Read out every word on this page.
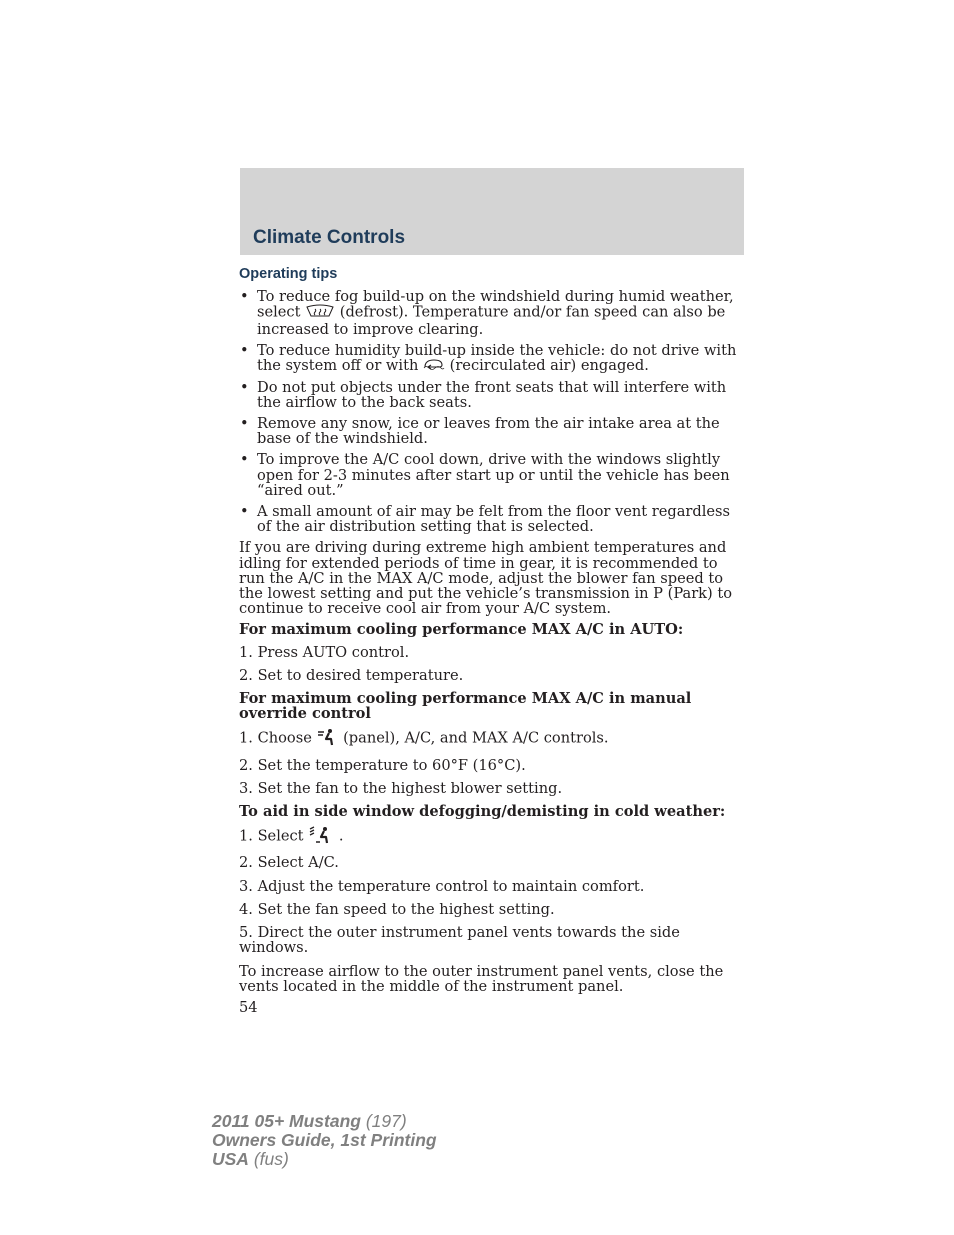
Climate Controls
Operating tips
• To reduce fog build-up on the windshield during humid weather, select	(defrost). Temperature and/or fan speed can also be increased to improve clearing.
• To reduce humidity build-up inside the vehicle: do not drive with the system off or with (recirculated air) engaged.
• Do not put objects under the front seats that will interfere with the airflow to the back seats.
• Remove any snow, ice or leaves from the air intake area at the base of the windshield.
• To improve the A/C cool down, drive with the windows slightly open for 2-3 minutes after start up or until the vehicle has been “aired out.”
• A small amount of air may be felt from the floor vent regardless of the air distribution setting that is selected.

If you are driving during extreme high ambient temperatures and idling for extended periods of time in gear, it is recommended to run the A/C in the MAX A/C mode, adjust the blower fan speed to the lowest setting and put the vehicle’s transmission in P (Park) to continue to receive cool air from your A/C system.

For maximum cooling performance MAX A/C in AUTO:

1. Press AUTO control.

2. Set to desired temperature.

For maximum cooling performance MAX A/C in manual override control

1. Choose (panel), A/C, and MAX A/C controls.

2. Set the temperature to 60°F (16°C).

3. Set the fan to the highest blower setting.

To aid in side window defogging/demisting in cold weather:

1. Select .

2. Select A/C.

3. Adjust the temperature control to maintain comfort.

4. Set the fan speed to the highest setting.

5. Direct the outer instrument panel vents towards the side windows.

To increase airflow to the outer instrument panel vents, close the vents located in the middle of the instrument panel.

54

2011 05+ Mustang (197)
Owners Guide, 1st Printing
USA (fus)
